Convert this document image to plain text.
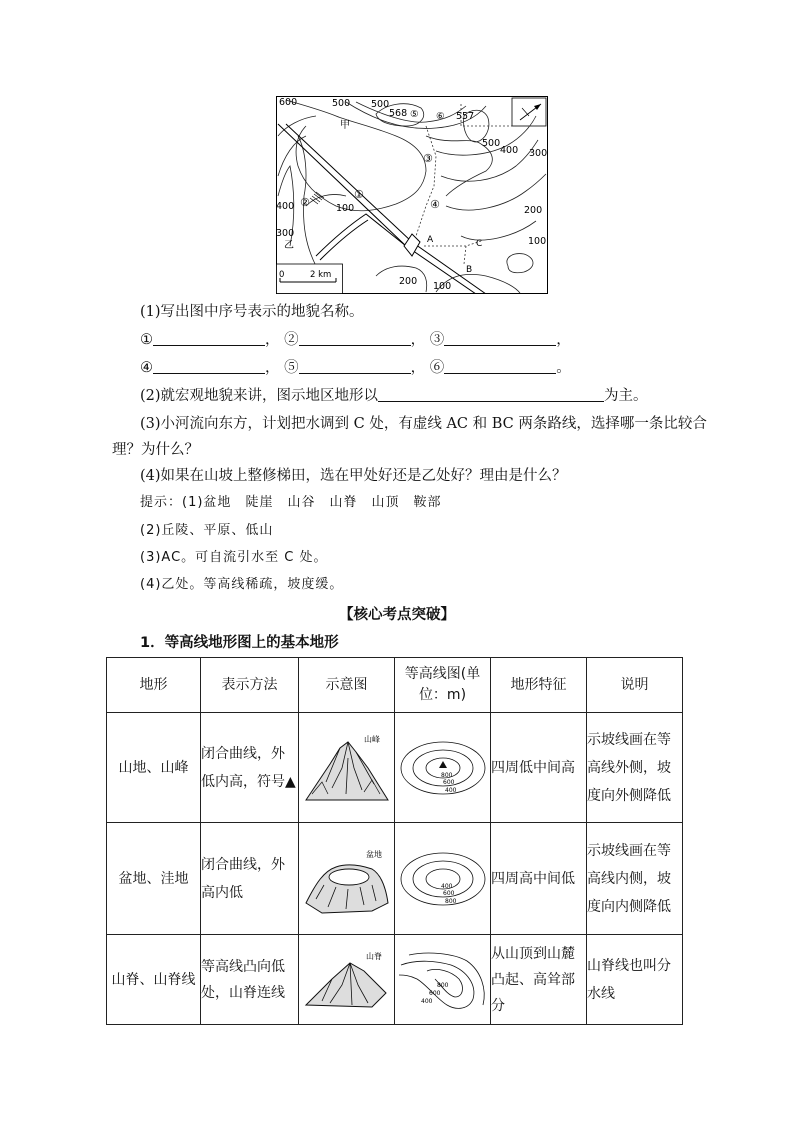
600	500 500
568 ⑤ ⑥ 557
500
400 300
200
100
400
300
100
200 100
①
②
③
④
甲
乙	A
B
C
0	2 km
(1)写出图中序号表示的地貌名称。
①	， ②	， ③	，
④	， ⑤	， ⑥	。
(2)就宏观地貌来讲，图示地区地形以	为主。
(3)小河流向东方，计划把水调到 C 处，有虚线 AC 和 BC 两条路线，选择哪一条比较合
理？为什么？
(4)如果在山坡上整修梯田，选在甲处好还是乙处好？理由是什么？
提示：(1)盆地 陡崖 山谷 山脊 山顶 鞍部
(2)丘陵、平原、低山
(3)AC。可自流引水至 C 处。
(4)乙处。等高线稀疏，坡度缓。
【核心考点突破】
1．等高线地形图上的基本地形
地形	表示方法	示意图	等高线图(单位：m)	地形特征	说明
山地、山峰	闭合曲线，外低内高，符号▲	山峰	800
600
400	四周低中间高	示坡线画在等高线外侧，坡度向外侧降低
盆地、洼地	闭合曲线，外高内低	盆地	400
600
800	四周高中间低	示坡线画在等高线内侧，坡度向内侧降低
山脊、山脊线	等高线凸向低处，山脊连线	山脊	800
600
400	从山顶到山麓凸起、高耸部分	山脊线也叫分水线
